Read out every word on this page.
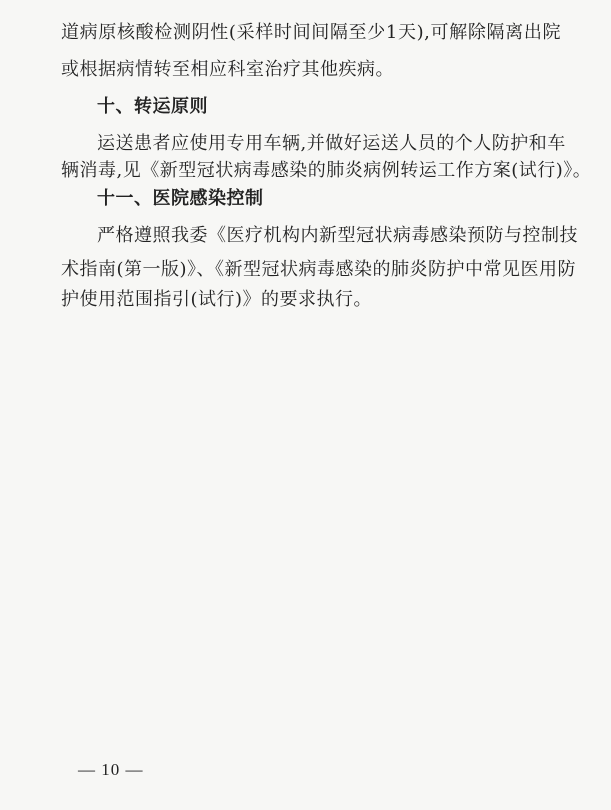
道病原核酸检测阴性(采样时间间隔至少1天),可解除隔离出院
或根据病情转至相应科室治疗其他疾病。
十、转运原则
运送患者应使用专用车辆,并做好运送人员的个人防护和车
辆消毒,见《新型冠状病毒感染的肺炎病例转运工作方案(试行)》。
十一、医院感染控制
严格遵照我委《医疗机构内新型冠状病毒感染预防与控制技
术指南(第一版)》、《新型冠状病毒感染的肺炎防护中常见医用防
护使用范围指引(试行)》的要求执行。
— 10 —
